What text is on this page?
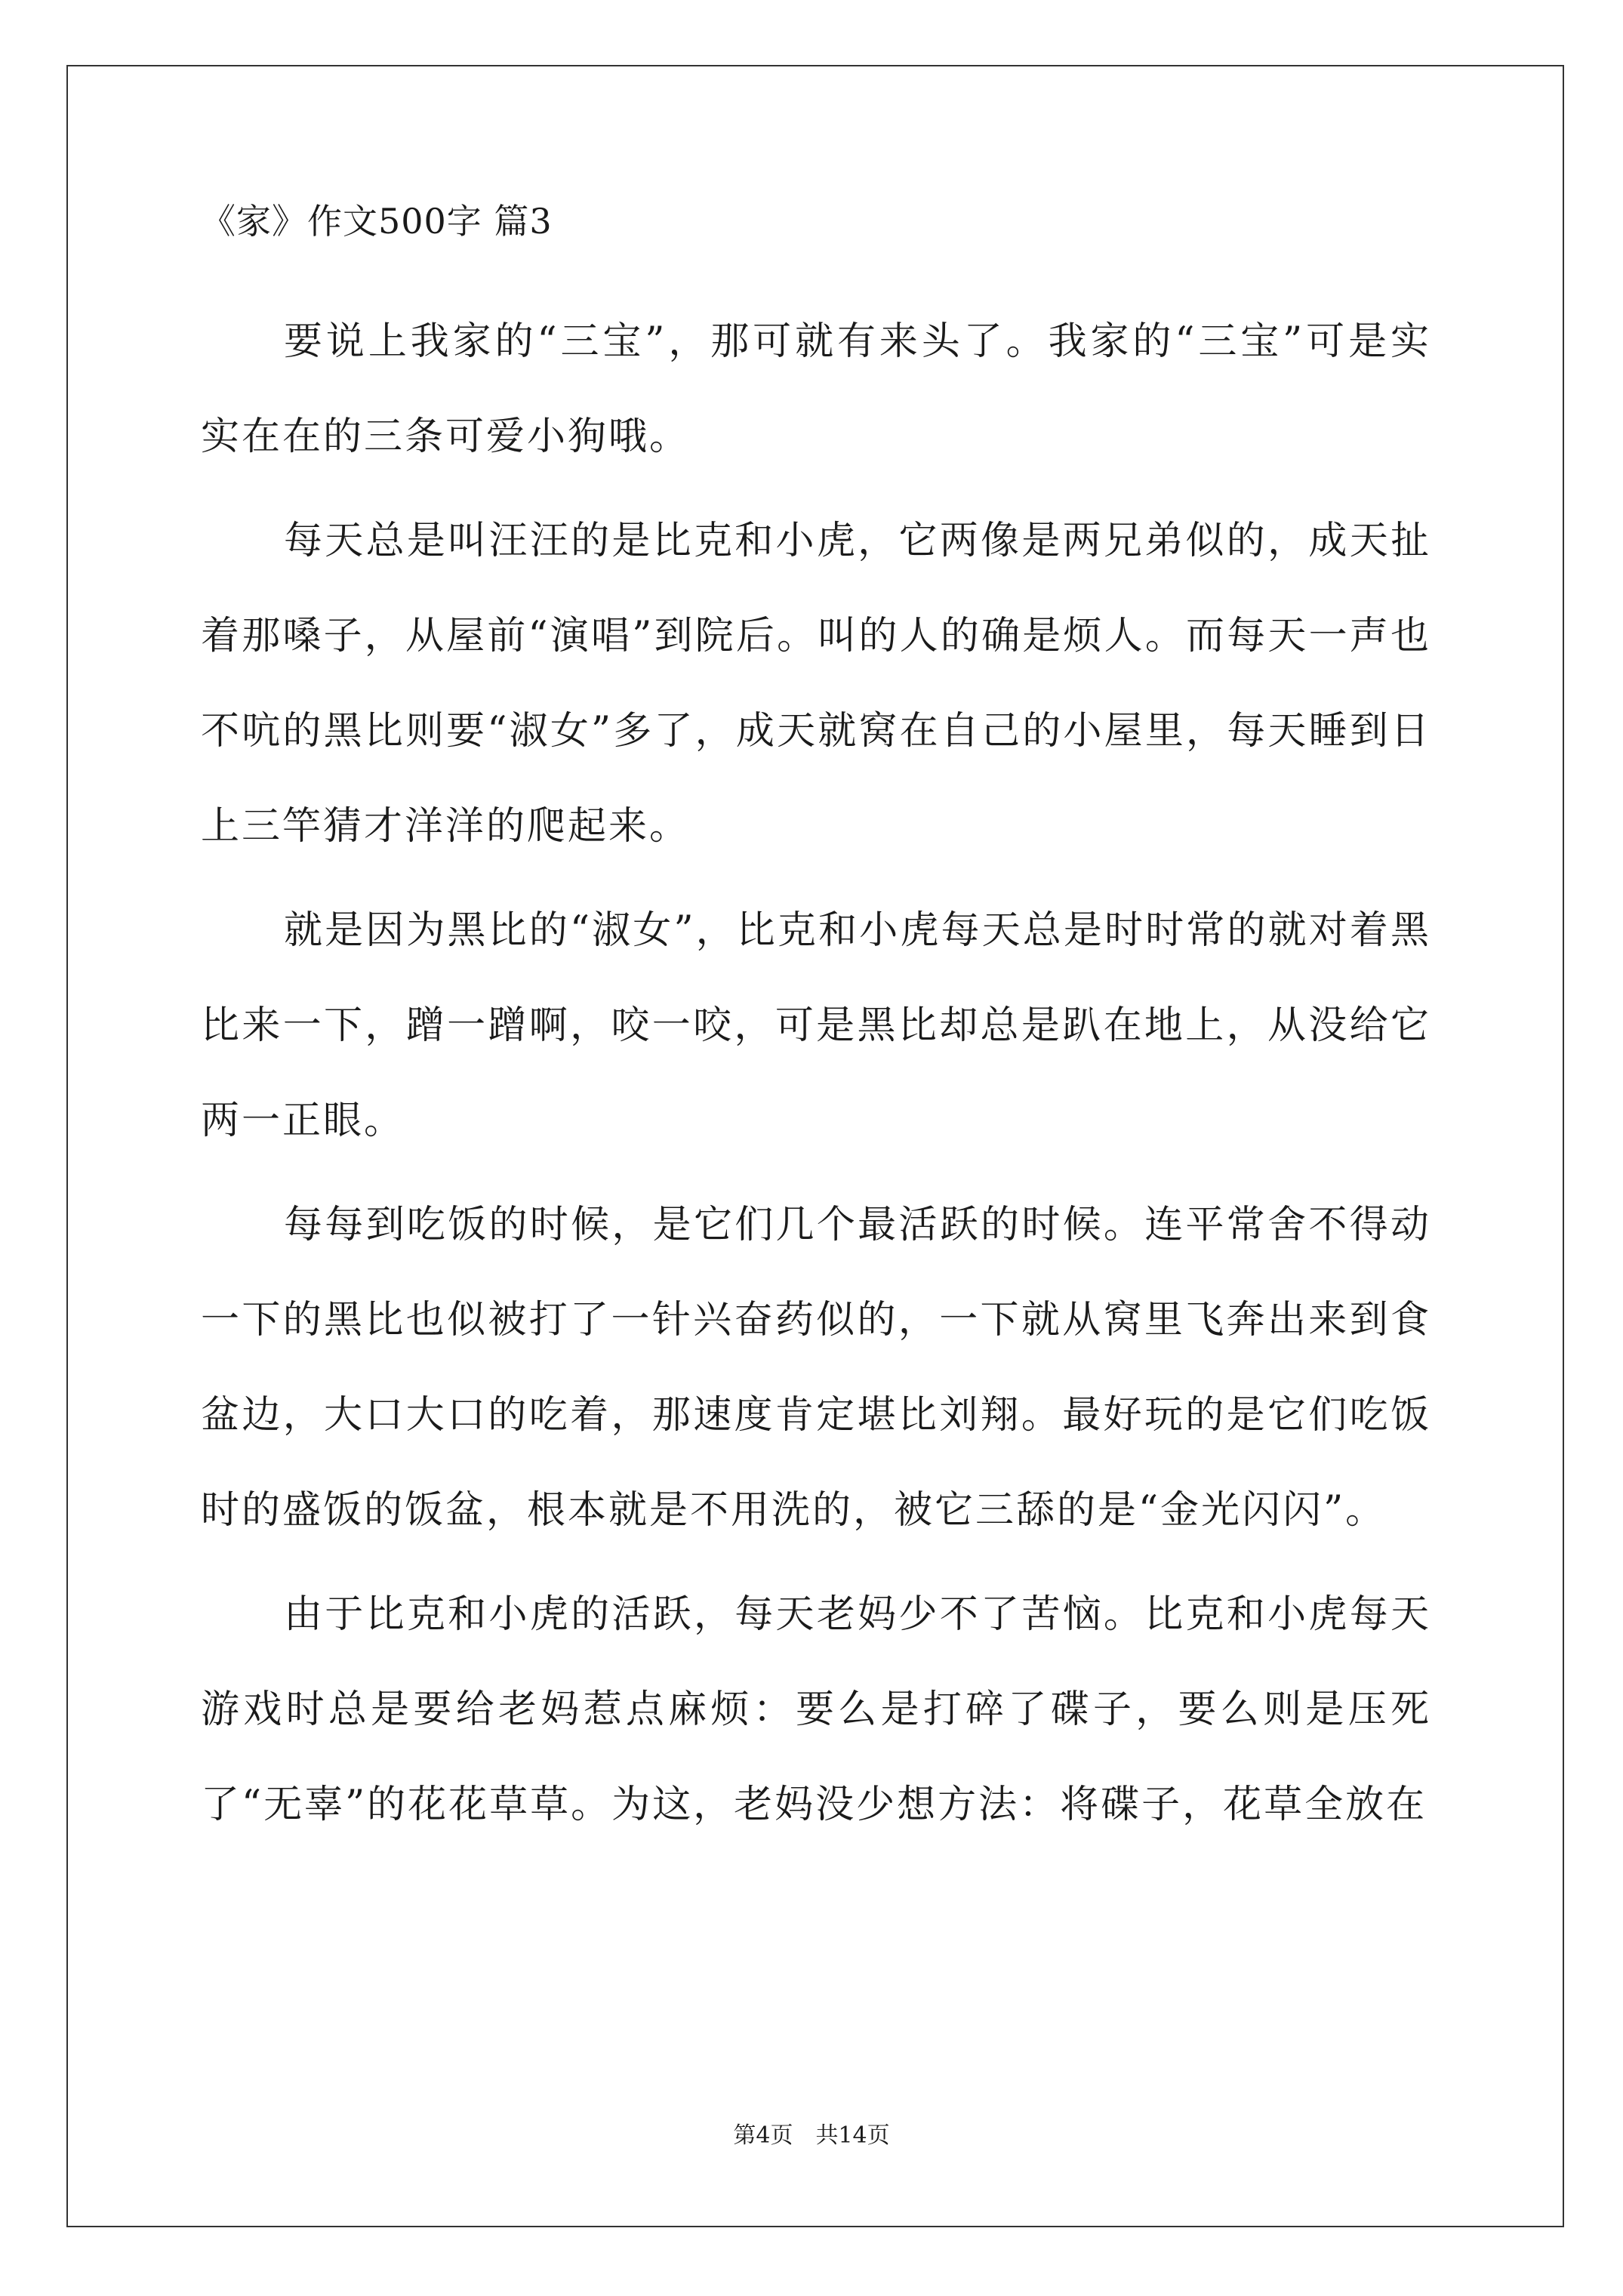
《家》作文500字 篇3

要说上我家的“三宝”，那可就有来头了。我家的“三宝”可是实实在在的三条可爱小狗哦。

每天总是叫汪汪的是比克和小虎，它两像是两兄弟似的，成天扯着那嗓子，从屋前“演唱”到院后。叫的人的确是烦人。而每天一声也不吭的黑比则要“淑女”多了，成天就窝在自己的小屋里，每天睡到日上三竿猜才洋洋的爬起来。

就是因为黑比的“淑女”，比克和小虎每天总是时时常的就对着黑比来一下，蹭一蹭啊，咬一咬，可是黑比却总是趴在地上，从没给它两一正眼。

每每到吃饭的时候，是它们几个最活跃的时候。连平常舍不得动一下的黑比也似被打了一针兴奋药似的，一下就从窝里飞奔出来到食盆边，大口大口的吃着，那速度肯定堪比刘翔。最好玩的是它们吃饭时的盛饭的饭盆，根本就是不用洗的，被它三舔的是“金光闪闪”。

由于比克和小虎的活跃，每天老妈少不了苦恼。比克和小虎每天游戏时总是要给老妈惹点麻烦：要么是打碎了碟子，要么则是压死了“无辜”的花花草草。为这，老妈没少想方法：将碟子，花草全放在

第4页　共14页
